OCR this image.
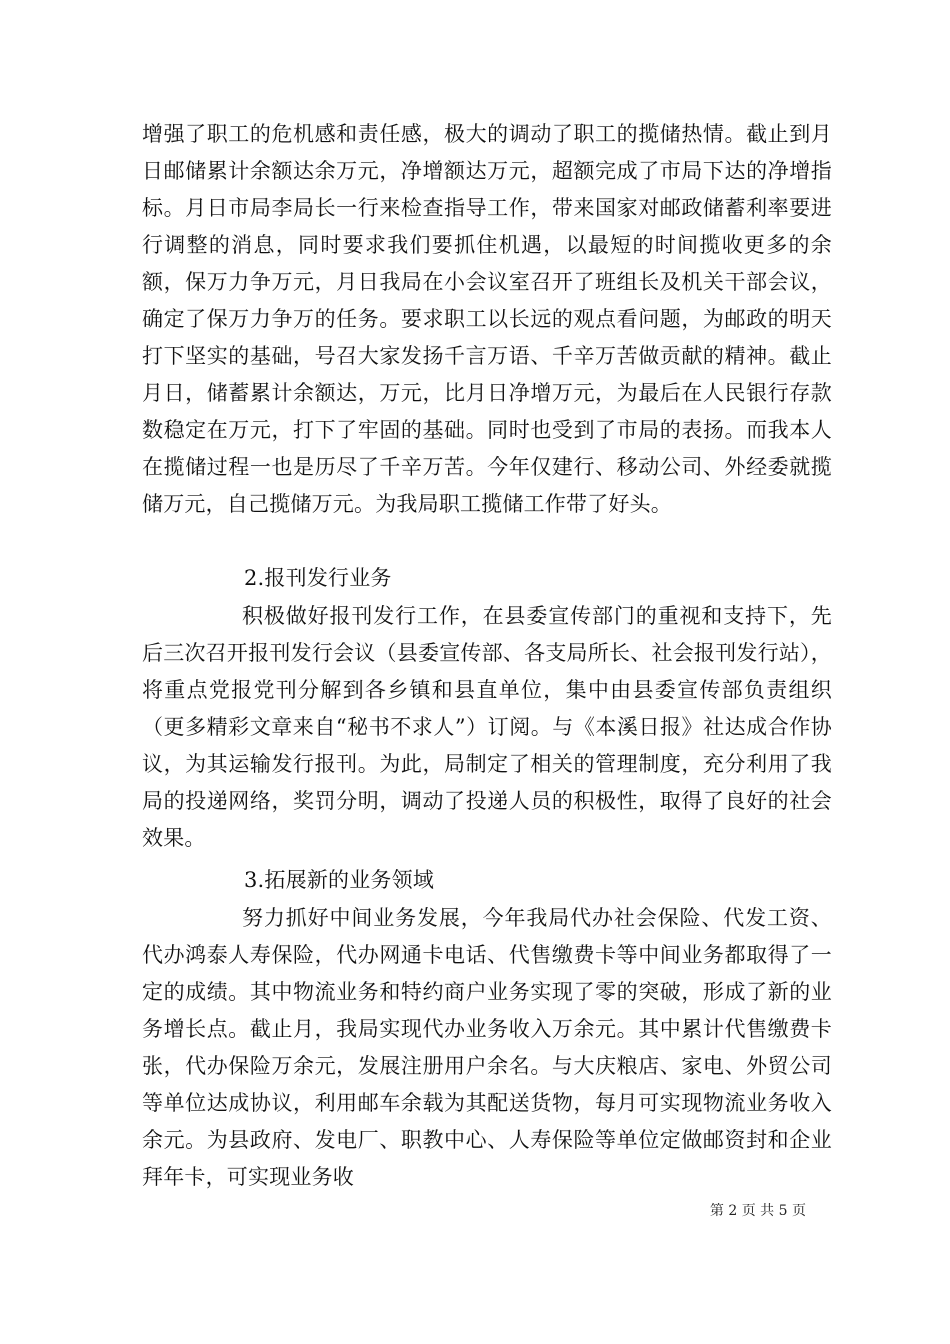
增强了职工的危机感和责任感，极大的调动了职工的揽储热情。截止到月日邮储累计余额达余万元，净增额达万元，超额完成了市局下达的净增指标。月日市局李局长一行来检查指导工作，带来国家对邮政储蓄利率要进行调整的消息，同时要求我们要抓住机遇，以最短的时间揽收更多的余额，保万力争万元，月日我局在小会议室召开了班组长及机关干部会议，确定了保万力争万的任务。要求职工以长远的观点看问题，为邮政的明天打下坚实的基础，号召大家发扬千言万语、千辛万苦做贡献的精神。截止月日，储蓄累计余额达，万元，比月日净增万元，为最后在人民银行存款数稳定在万元，打下了牢固的基础。同时也受到了市局的表扬。而我本人在揽储过程一也是历尽了千辛万苦。今年仅建行、移动公司、外经委就揽储万元，自己揽储万元。为我局职工揽储工作带了好头。
2.报刊发行业务
积极做好报刊发行工作，在县委宣传部门的重视和支持下，先后三次召开报刊发行会议（县委宣传部、各支局所长、社会报刊发行站），将重点党报党刊分解到各乡镇和县直单位，集中由县委宣传部负责组织（更多精彩文章来自“秘书不求人”）订阅。与《本溪日报》社达成合作协议，为其运输发行报刊。为此，局制定了相关的管理制度，充分利用了我局的投递网络，奖罚分明，调动了投递人员的积极性，取得了良好的社会效果。
3.拓展新的业务领域
努力抓好中间业务发展，今年我局代办社会保险、代发工资、代办鸿泰人寿保险，代办网通卡电话、代售缴费卡等中间业务都取得了一定的成绩。其中物流业务和特约商户业务实现了零的突破，形成了新的业务增长点。截止月，我局实现代办业务收入万余元。其中累计代售缴费卡张，代办保险万余元，发展注册用户余名。与大庆粮店、家电、外贸公司等单位达成协议，利用邮车余载为其配送货物，每月可实现物流业务收入余元。为县政府、发电厂、职教中心、人寿保险等单位定做邮资封和企业拜年卡，可实现业务收
第 2 页 共 5 页
